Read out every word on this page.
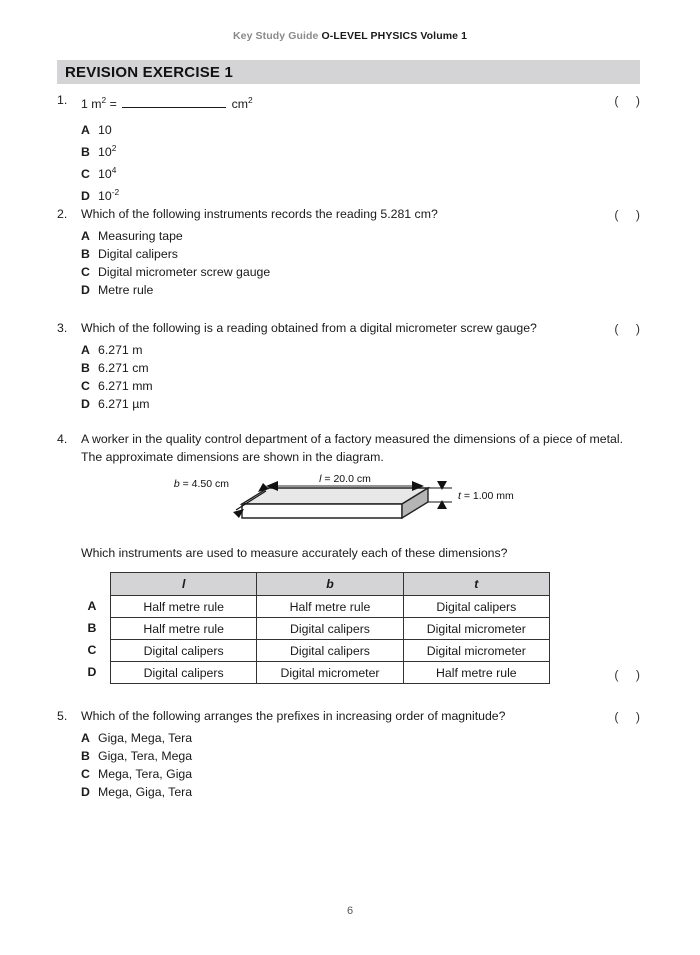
Key Study Guide O-LEVEL PHYSICS Volume 1
REVISION EXERCISE 1
1.	1 $m^2$ =	$cm^2$
A 10
B $10^2$
C $10^4$
D $10^{-2}$
( )
2.	Which of the following instruments records the reading 5.281 cm?
A Measuring tape
B Digital calipers
C Digital micrometer screw gauge
D Metre rule
( )
3.	Which of the following is a reading obtained from a digital micrometer screw gauge?
A 6.271 m
B 6.271 cm
C 6.271 mm
D 6.271 µm
( )
4.	A worker in the quality control department of a factory measured the dimensions of a piece of metal. The approximate dimensions are shown in the diagram.
l = 20.0 cm
b = 4.50 cm
t = 1.00 mm
Which instruments are used to measure accurately each of these dimensions?
A
B
C
D
l	b	t
Half metre rule	Half metre rule	Digital calipers
Half metre rule	Digital calipers	Digital micrometer
Digital calipers	Digital calipers	Digital micrometer
Digital calipers	Digital micrometer	Half metre rule	( )
5.	Which of the following arranges the prefixes in increasing order of magnitude?
A Giga, Mega, Tera
B Giga, Tera, Mega
C Mega, Tera, Giga
D Mega, Giga, Tera
( )
6
